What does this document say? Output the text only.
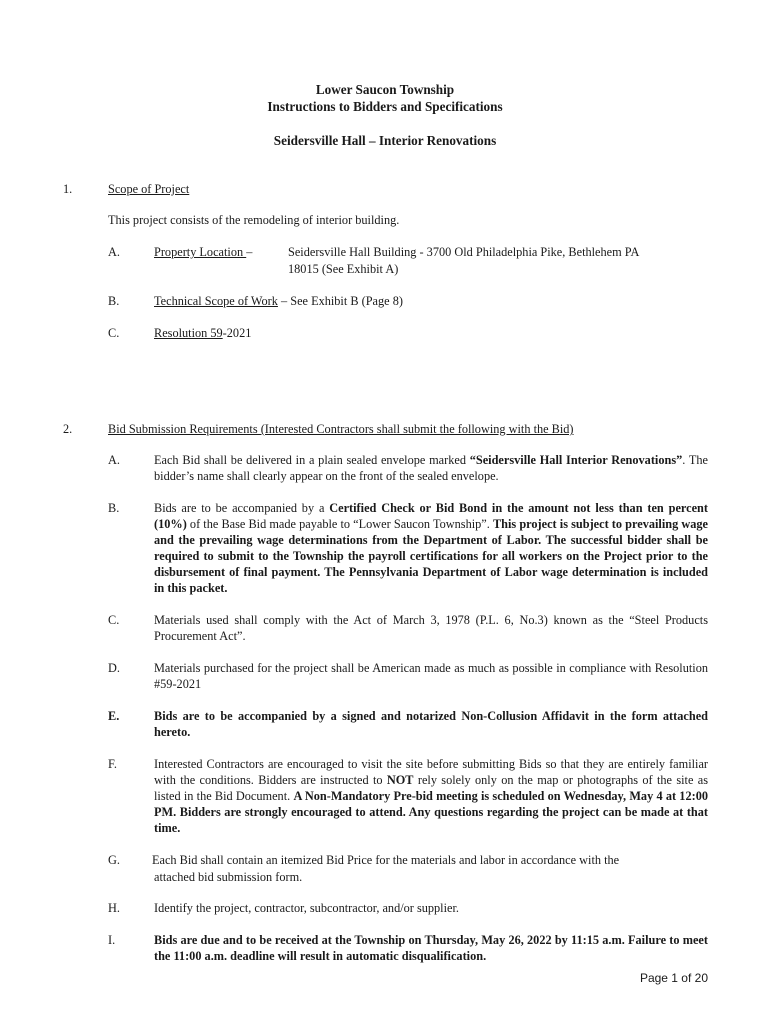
Lower Saucon Township
Instructions to Bidders and Specifications
Seidersville Hall – Interior Renovations
1.	Scope of Project
This project consists of the remodeling of interior building.
A.	Property Location –	Seidersville Hall Building - 3700 Old Philadelphia Pike, Bethlehem PA
18015 (See Exhibit A)
B.	Technical Scope of Work – See Exhibit B (Page 8)
C.	Resolution 59-2021
2.	Bid Submission Requirements (Interested Contractors shall submit the following with the Bid)
A.	Each Bid shall be delivered in a plain sealed envelope marked “Seidersville Hall Interior Renovations”. The bidder’s name shall clearly appear on the front of the sealed envelope.
B.	Bids are to be accompanied by a Certified Check or Bid Bond in the amount not less than ten percent (10%) of the Base Bid made payable to “Lower Saucon Township”. This project is subject to prevailing wage and the prevailing wage determinations from the Department of Labor. The successful bidder shall be required to submit to the Township the payroll certifications for all workers on the Project prior to the disbursement of final payment. The Pennsylvania Department of Labor wage determination is included in this packet.
C.	Materials used shall comply with the Act of March 3, 1978 (P.L. 6, No.3) known as the “Steel Products Procurement Act”.
D.	Materials purchased for the project shall be American made as much as possible in compliance with Resolution #59-2021
E.	Bids are to be accompanied by a signed and notarized Non-Collusion Affidavit in the form attached hereto.
F.	Interested Contractors are encouraged to visit the site before submitting Bids so that they are entirely familiar with the conditions. Bidders are instructed to NOT rely solely only on the map or photographs of the site as listed in the Bid Document. A Non-Mandatory Pre-bid meeting is scheduled on Wednesday, May 4 at 12:00 PM. Bidders are strongly encouraged to attend. Any questions regarding the project can be made at that time.
G.	Each Bid shall contain an itemized Bid Price for the materials and labor in accordance with the
attached bid submission form.
H.	Identify the project, contractor, subcontractor, and/or supplier.
I.	Bids are due and to be received at the Township on Thursday, May 26, 2022 by 11:15 a.m. Failure to meet the 11:00 a.m. deadline will result in automatic disqualification.
Page 1 of 20
